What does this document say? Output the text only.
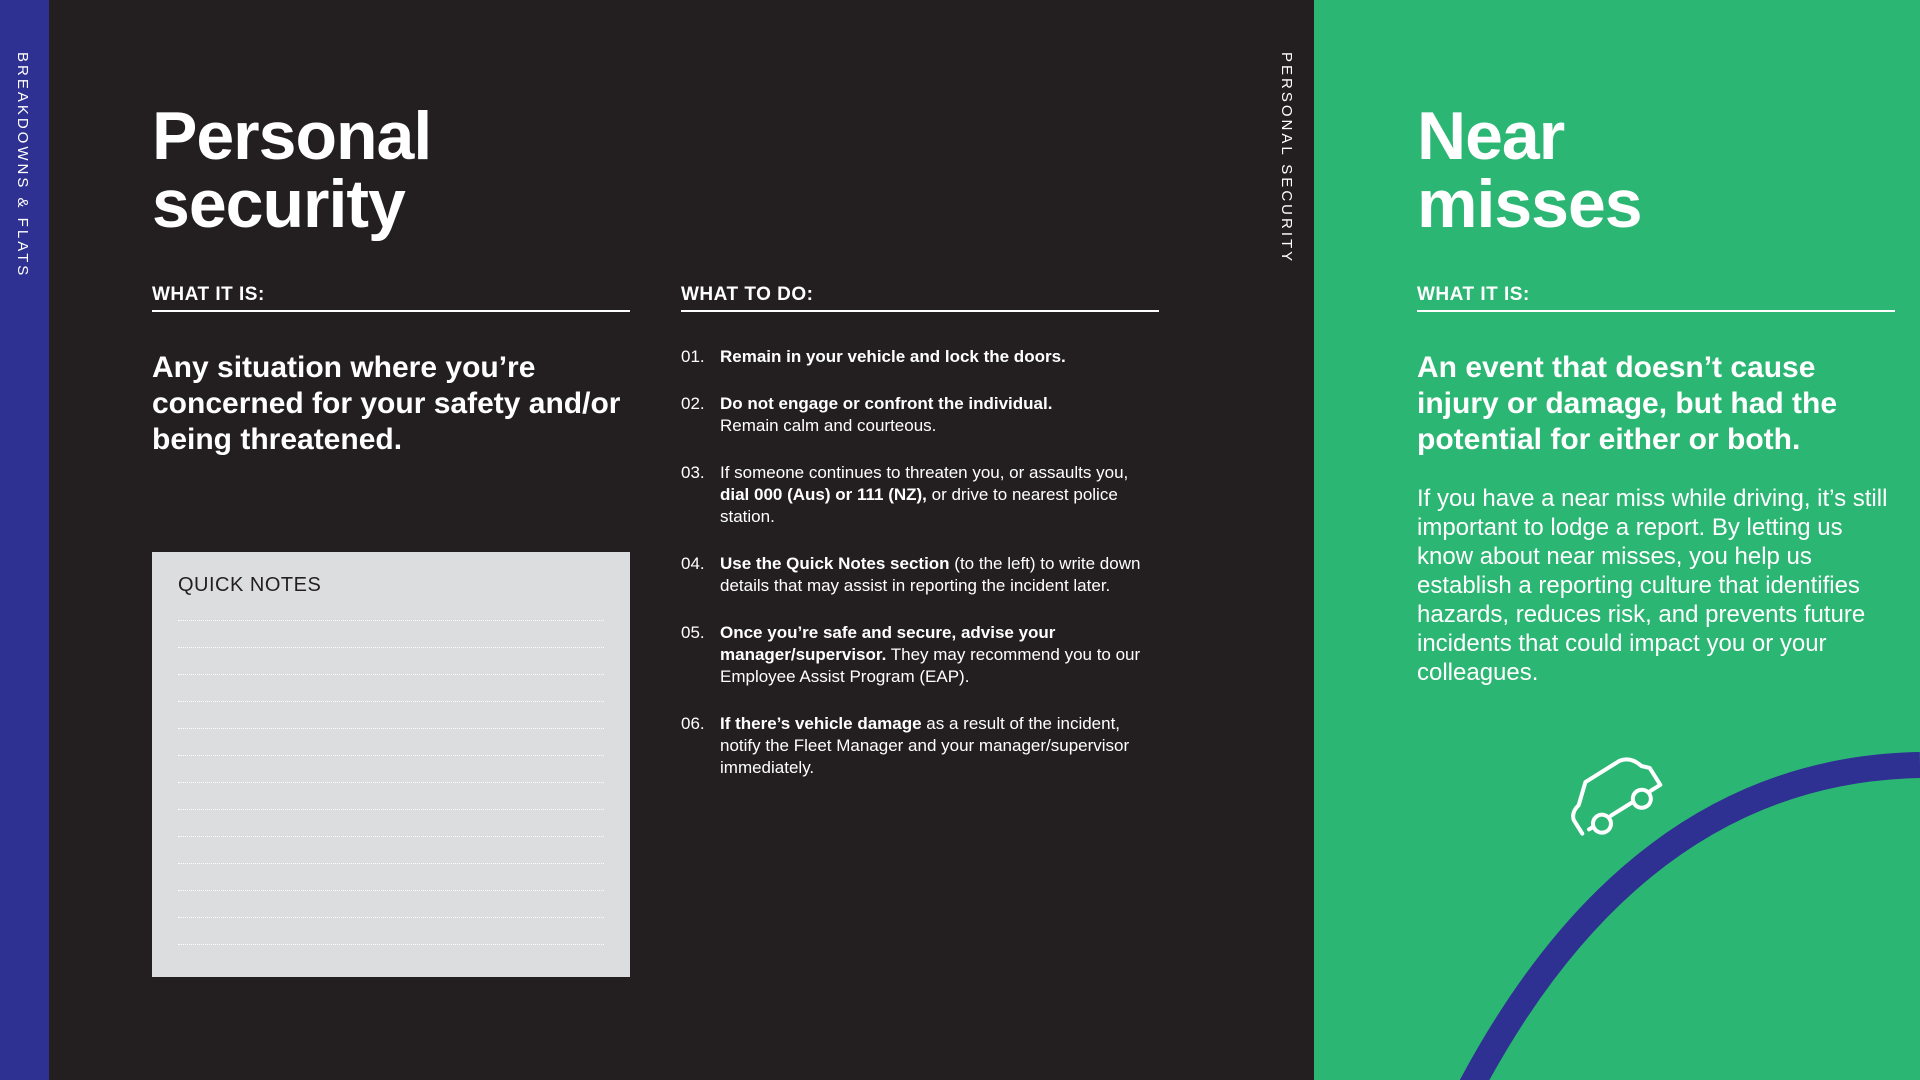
BREAKDOWNS & FLATS	PERSONAL SECURITY
Personal
security
WHAT IT IS:

Any situation where you’re concerned for your safety and/or being threatened.

QUICK NOTES
WHAT TO DO:
01. Remain in your vehicle and lock the doors.
02. Do not engage or confront the individual.
Remain calm and courteous.
03. If someone continues to threaten you, or assaults you, dial 000 (Aus) or 111 (NZ), or drive to nearest police station.
04. Use the Quick Notes section (to the left) to write down details that may assist in reporting the incident later.
05. Once you’re safe and secure, advise your manager/supervisor. They may recommend you to our Employee Assist Program (EAP).
06. If there’s vehicle damage as a result of the incident, notify the Fleet Manager and your manager/supervisor immediately.
Near
misses
WHAT IT IS:

An event that doesn’t cause injury or damage, but had the potential for either or both.

If you have a near miss while driving, it’s still important to lodge a report. By letting us know about near misses, you help us establish a reporting culture that identifies hazards, reduces risk, and prevents future incidents that could impact you or your colleagues.
